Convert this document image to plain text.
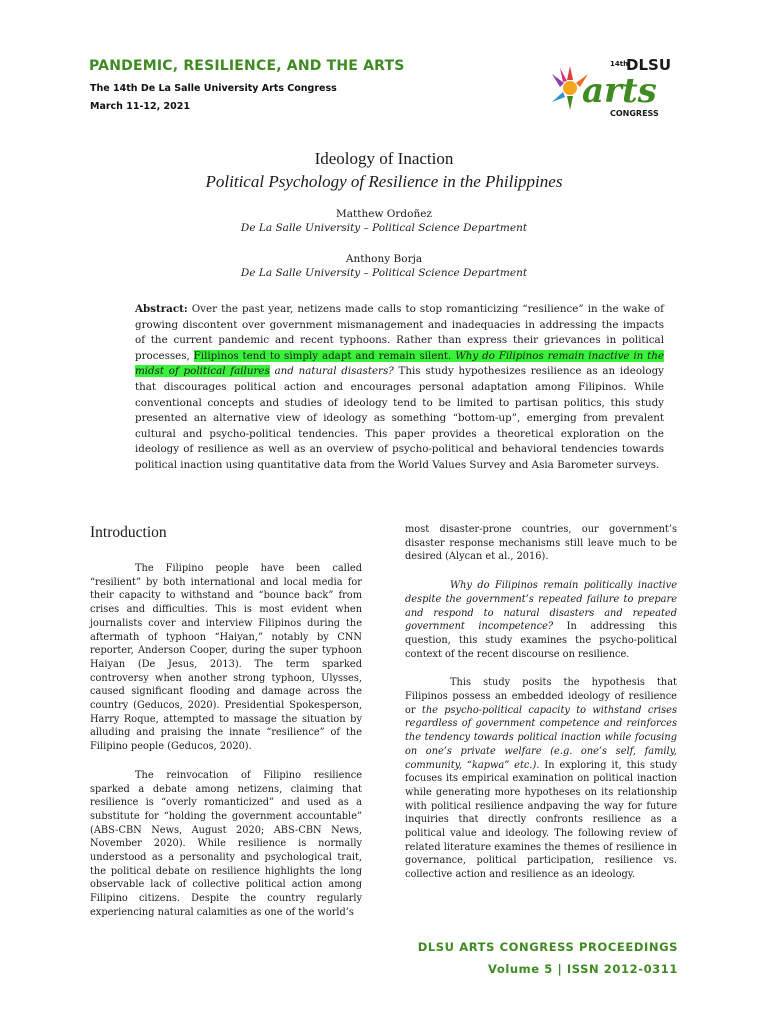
PANDEMIC, RESILIENCE, AND THE ARTS
The 14th De La Salle University Arts Congress
March 11-12, 2021
14th
DLSU
arts
CONGRESS
Ideology of Inaction
Political Psychology of Resilience in the Philippines
Matthew Ordoñez
De La Salle University – Political Science Department
Anthony Borja
De La Salle University – Political Science Department
Abstract: Over the past year, netizens made calls to stop romanticizing “resilience” in the wake of growing discontent over government mismanagement and inadequacies in addressing the impacts of the current pandemic and recent typhoons. Rather than express their grievances in political processes, Filipinos tend to simply adapt and remain silent. Why do Filipinos remain inactive in the midst of political failures and natural disasters? This study hypothesizes resilience as an ideology that discourages political action and encourages personal adaptation among Filipinos. While conventional concepts and studies of ideology tend to be limited to partisan politics, this study presented an alternative view of ideology as something “bottom-up”, emerging from prevalent cultural and psycho-political tendencies. This paper provides a theoretical exploration on the ideology of resilience as well as an overview of psycho-political and behavioral tendencies towards political inaction using quantitative data from the World Values Survey and Asia Barometer surveys.
Introduction

The Filipino people have been called “resilient” by both international and local media for their capacity to withstand and “bounce back” from crises and difficulties. This is most evident when journalists cover and interview Filipinos during the aftermath of typhoon “Haiyan,” notably by CNN reporter, Anderson Cooper, during the super typhoon Haiyan (De Jesus, 2013). The term sparked controversy when another strong typhoon, Ulysses, caused significant flooding and damage across the country (Geducos, 2020). Presidential Spokesperson, Harry Roque, attempted to massage the situation by alluding and praising the innate “resilience” of the Filipino people (Geducos, 2020).

The reinvocation of Filipino resilience sparked a debate among netizens, claiming that resilience is “overly romanticized” and used as a substitute for “holding the government accountable” (ABS-CBN News, August 2020; ABS-CBN News, November 2020). While resilience is normally understood as a personality and psychological trait, the political debate on resilience highlights the long observable lack of collective political action among Filipino citizens. Despite the country regularly experiencing natural calamities as one of the world’s

most disaster-prone countries, our government’s disaster response mechanisms still leave much to be desired (Alycan et al., 2016).

Why do Filipinos remain politically inactive despite the government’s repeated failure to prepare and respond to natural disasters and repeated government incompetence? In addressing this question, this study examines the psycho-political context of the recent discourse on resilience.

This study posits the hypothesis that Filipinos possess an embedded ideology of resilience or the psycho-political capacity to withstand crises regardless of government competence and reinforces the tendency towards political inaction while focusing on one’s private welfare (e.g. one’s self, family, community, “kapwa” etc.). In exploring it, this study focuses its empirical examination on political inaction while generating more hypotheses on its relationship with political resilience andpaving the way for future inquiries that directly confronts resilience as a political value and ideology. The following review of related literature examines the themes of resilience in governance, political participation, resilience vs. collective action and resilience as an ideology.

DLSU ARTS CONGRESS PROCEEDINGS
Volume 5 | ISSN 2012-0311
